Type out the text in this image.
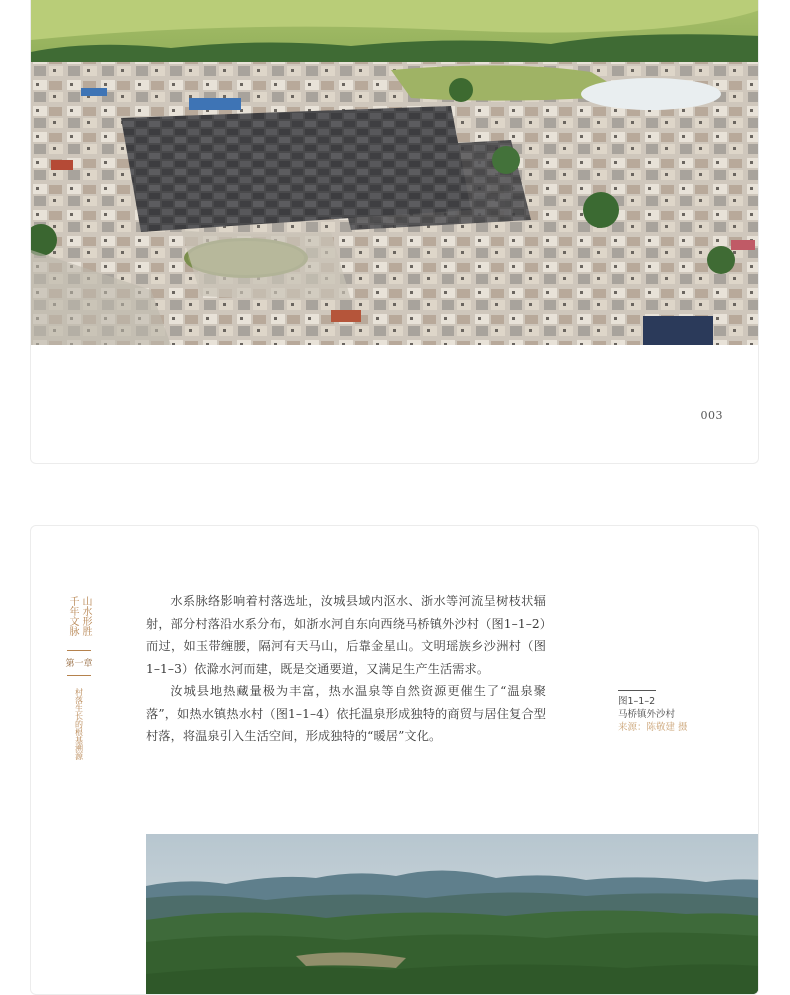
003
山水形胜
千年文脉
第一章
村落生长的根基溯源

水系脉络影响着村落选址，汝城县域内沤水、浙水等河流呈树枝状辐射，部分村落沿水系分布，如浙水河自东向西绕马桥镇外沙村（图1–1–2）而过，如玉带缠腰，隔河有天马山，后靠金星山。文明瑶族乡沙洲村（图1–1–3）依滁水河而建，既是交通要道，又满足生产生活需求。

汝城县地热藏量极为丰富，热水温泉等自然资源更催生了“温泉聚落”，如热水镇热水村（图1–1–4）依托温泉形成独特的商贸与居住复合型村落，将温泉引入生活空间，形成独特的“暖居”文化。

图1–1–2
马桥镇外沙村
来源：陈敬建 摄
